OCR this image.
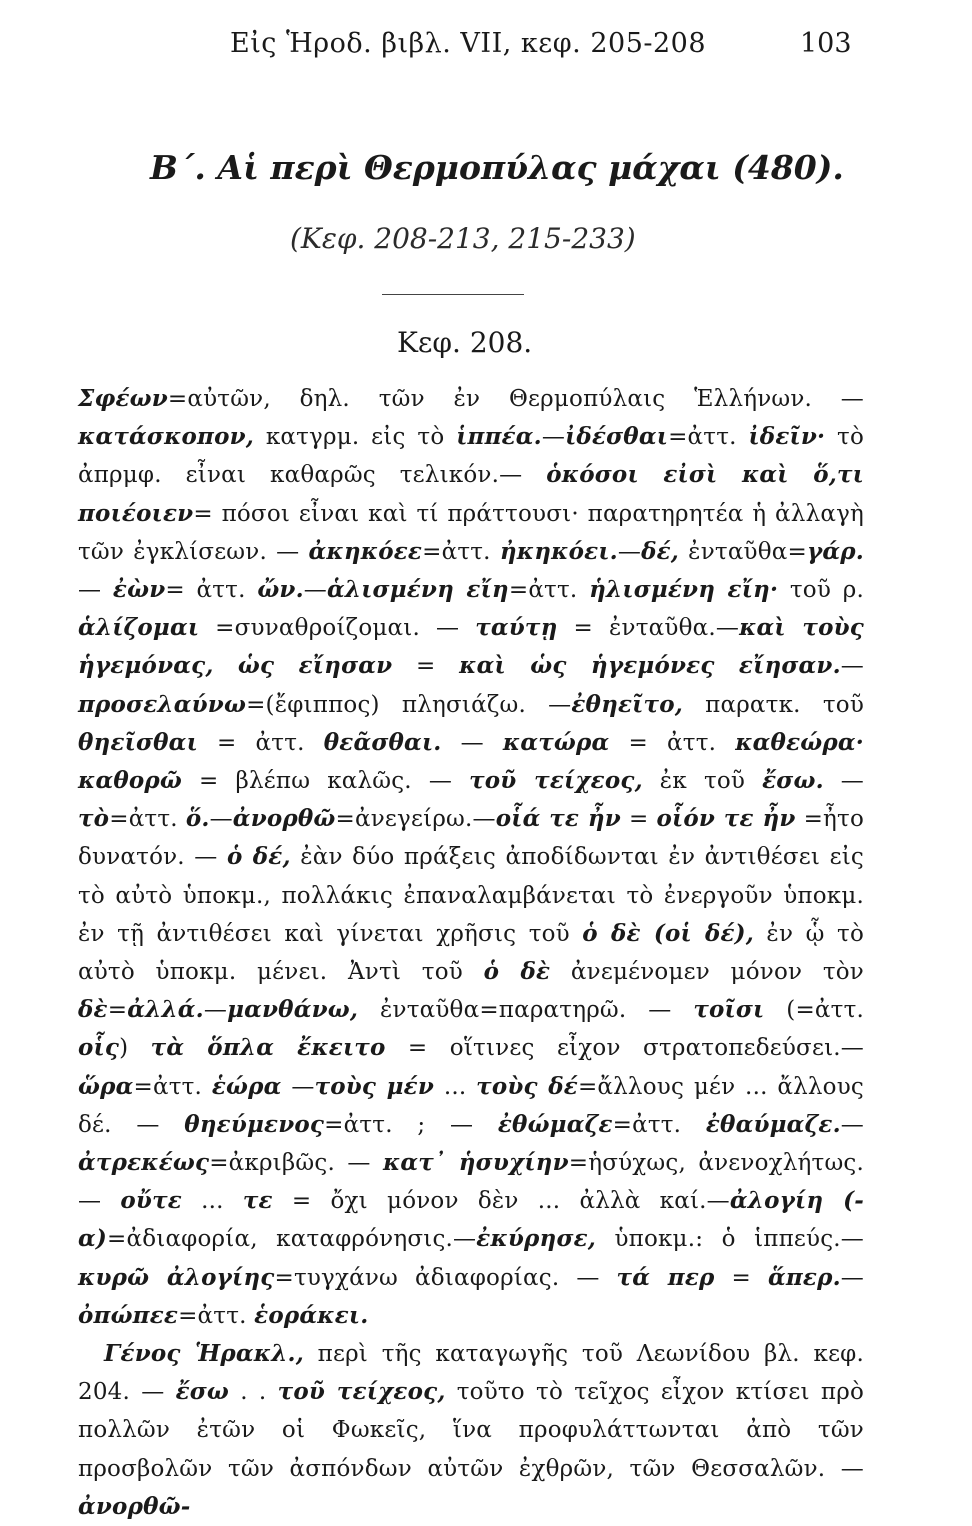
Εἰς Ἡροδ. βιβλ. VII, κεφ. 205-208	103
Β΄. Αἱ περὶ Θερμοπύλας μάχαι (480).
(Κεφ. 208-213, 215-233)
Κεφ. 208.

Σφέων=αὐτῶν, δηλ. τῶν ἐν Θερμοπύλαις Ἑλλήνων. — κατάσκοπον, κατγρμ. εἰς τὸ ἱππέα.—ἰδέσθαι=ἀττ. ἰδεῖν· τὸ ἀπρμφ. εἶναι καθαρῶς τελικόν.— ὁκόσοι εἰσὶ καὶ ὅ,τι ποιέοιεν= πόσοι εἶναι καὶ τί πράττουσι· παρατηρητέα ἡ ἀλλαγὴ τῶν ἐγκλίσεων. — ἀκηκόεε=ἀττ. ἠκηκόει.—δέ, ἐνταῦθα=γάρ. — ἐὼν= ἀττ. ὤν.—ἁλισμένη εἴη=ἀττ. ἡλισμένη εἴη· τοῦ ρ. ἁλίζομαι =συναθροίζομαι. — ταύτῃ = ἐνταῦθα.—καὶ τοὺς ἡγεμόνας, ὡς εἴησαν = καὶ ὡς ἡγεμόνες εἴησαν.—προσελαύνω=(ἔφιππος) πλησιάζω. —ἐθηεῖτο, παρατκ. τοῦ θηεῖσθαι = ἀττ. θεᾶσθαι. — κατώρα = ἀττ. καθεώρα· καθορῶ = βλέπω καλῶς. — τοῦ τείχεος, ἐκ τοῦ ἔσω. — τὸ=ἀττ. ὅ.—ἀνορθῶ=ἀνεγείρω.—οἷά τε ἦν = οἷόν τε ἦν =ἦτο δυνατόν. — ὁ δέ, ἐὰν δύο πράξεις ἀποδίδωνται ἐν ἀντιθέσει εἰς τὸ αὐτὸ ὑποκμ., πολλάκις ἐπαναλαμβάνεται τὸ ἐνεργοῦν ὑποκμ. ἐν τῇ ἀντιθέσει καὶ γίνεται χρῆσις τοῦ ὁ δὲ (οἱ δέ), ἐν ᾧ τὸ αὐτὸ ὑποκμ. μένει. Ἀντὶ τοῦ ὁ δὲ ἀνεμένομεν μόνον τὸν δὲ=ἀλλά.—μανθάνω, ἐνταῦθα=παρατηρῶ. — τοῖσι (=ἀττ. οἷς) τὰ ὅπλα ἔκειτο = οἵτινες εἶχον στρατοπεδεύσει.—ὥρα=ἀττ. ἑώρα —τοὺς μέν ... τοὺς δέ=ἄλλους μέν ... ἄλλους δέ. — θηεύμενος=ἀττ. ; — ἐθώμαζε=ἀττ. ἐθαύμαζε.— ἀτρεκέως=ἀκριβῶς. — κατ᾽ ἡσυχίην=ἡσύχως, ἀνενοχλήτως.— οὔτε ... τε = ὄχι μόνον δὲν ... ἀλλὰ καί.—ἀλογίη (-α)=ἀδιαφορία, καταφρόνησις.—ἐκύρησε, ὑποκμ.: ὁ ἱππεύς.—κυρῶ ἀλογίης=τυγχάνω ἀδιαφορίας. — τά περ = ἅπερ.—ὀπώπεε=ἀττ. ἑοράκει.

Γένος Ἡρακλ., περὶ τῆς καταγωγῆς τοῦ Λεωνίδου βλ. κεφ. 204. — ἔσω . . τοῦ τείχεος, τοῦτο τὸ τεῖχος εἶχον κτίσει πρὸ πολλῶν ἐτῶν οἱ Φωκεῖς, ἵνα προφυλάττωνται ἀπὸ τῶν προσβολῶν τῶν ἀσπόνδων αὐτῶν ἐχθρῶν, τῶν Θεσσαλῶν. — ἀνορθῶ-
